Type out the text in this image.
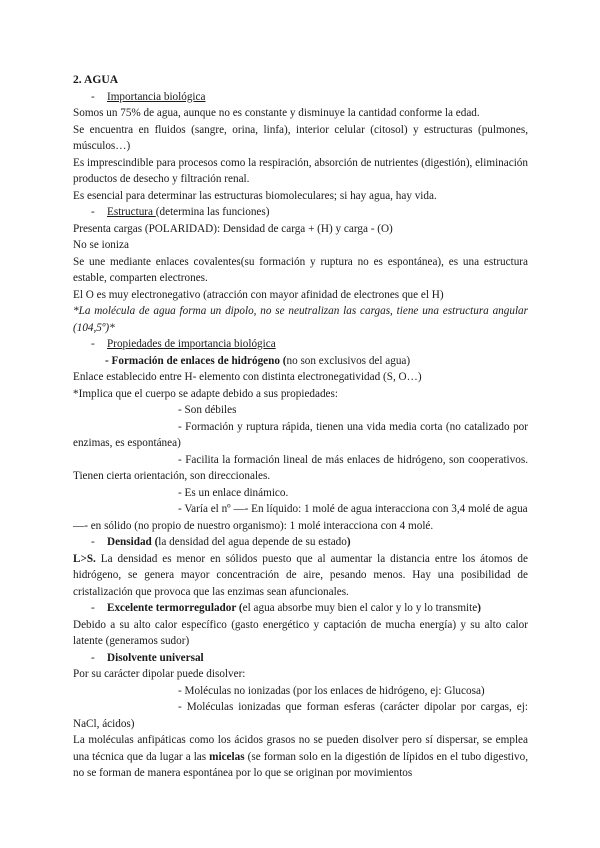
2. AGUA

- Importancia biológica

Somos un 75% de agua, aunque no es constante y disminuye la cantidad conforme la edad.

Se encuentra en fluidos (sangre, orina, linfa), interior celular (citosol) y estructuras (pulmones, músculos…)

Es imprescindible para procesos como la respiración, absorción de nutrientes (digestión), eliminación productos de desecho y filtración renal.

Es esencial para determinar las estructuras biomoleculares; si hay agua, hay vida.

- Estructura (determina las funciones)

Presenta cargas (POLARIDAD): Densidad de carga + (H) y carga - (O)

No se ioniza

Se une mediante enlaces covalentes(su formación y ruptura no es espontánea), es una estructura estable, comparten electrones.

El O es muy electronegativo (atracción con mayor afinidad de electrones que el H)

*La molécula de agua forma un dipolo, no se neutralizan las cargas, tiene una estructura angular (104,5º)*

- Propiedades de importancia biológica

- Formación de enlaces de hidrógeno (no son exclusivos del agua)

Enlace establecido entre H- elemento con distinta electronegatividad (S, O…)

*Implica que el cuerpo se adapte debido a sus propiedades:

- Son débiles

- Formación y ruptura rápida, tienen una vida media corta (no catalizado por enzimas, es espontánea)

- Facilita la formación lineal de más enlaces de hidrógeno, son cooperativos. Tienen cierta orientación, son direccionales.

- Es un enlace dinámico.

- Varía el nº ―- En líquido: 1 molé de agua interacciona con 3,4 molé de agua

―- en sólido (no propio de nuestro organismo): 1 molé interacciona con 4 molé.

- Densidad (la densidad del agua depende de su estado)

L>S. La densidad es menor en sólidos puesto que al aumentar la distancia entre los átomos de hidrógeno, se genera mayor concentración de aire, pesando menos. Hay una posibilidad de cristalización que provoca que las enzimas sean afuncionales.

- Excelente termorregulador (el agua absorbe muy bien el calor y lo y lo transmite)

Debido a su alto calor específico (gasto energético y captación de mucha energía) y su alto calor latente (generamos sudor)

- Disolvente universal

Por su carácter dipolar puede disolver:

- Moléculas no ionizadas (por los enlaces de hidrógeno, ej: Glucosa)

- Moléculas ionizadas que forman esferas (carácter dipolar por cargas, ej: NaCl, ácidos)

La moléculas anfipáticas como los ácidos grasos no se pueden disolver pero sí dispersar, se emplea una técnica que da lugar a las micelas (se forman solo en la digestión de lípidos en el tubo digestivo, no se forman de manera espontánea por lo que se originan por movimientos
